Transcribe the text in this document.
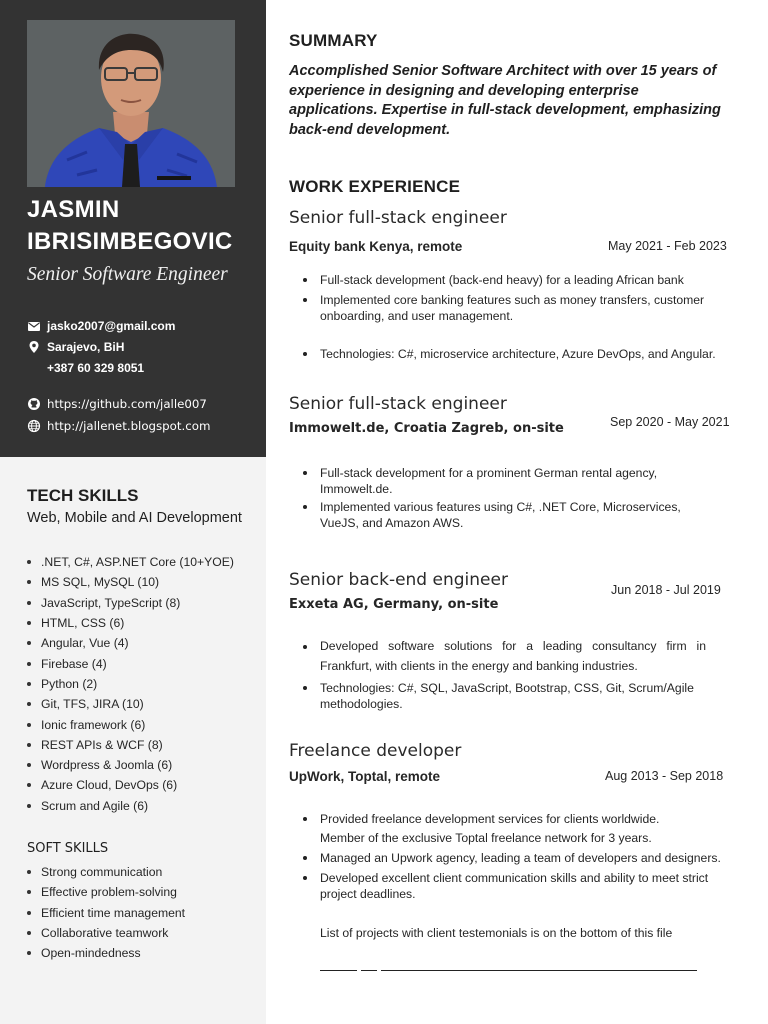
JASMIN
IBRISIMBEGOVIC
Senior Software Engineer
jasko2007@gmail.com
Sarajevo, BiH
+387 60 329 8051
https://github.com/jalle007
http://jallenet.blogspot.com
TECH SKILLS
Web, Mobile and AI Development
.NET, C#, ASP.NET Core (10+YOE)
MS SQL, MySQL (10)
JavaScript, TypeScript (8)
HTML, CSS (6)
Angular, Vue (4)
Firebase (4)
Python (2)
Git, TFS, JIRA (10)
Ionic framework (6)
REST APIs & WCF (8)
Wordpress & Joomla (6)
Azure Cloud, DevOps (6)
Scrum and Agile (6)
SOFT SKILLS
Strong communication
Effective problem-solving
Efficient time management
Collaborative teamwork
Open-mindedness
SUMMARY
Accomplished Senior Software Architect with over 15 years of experience in designing and developing enterprise applications. Expertise in full-stack development, emphasizing back-end development.
WORK EXPERIENCE
Senior full-stack engineer
Equity bank Kenya, remote	May 2021 - Feb 2023
Full-stack development (back-end heavy) for a leading African bank
Implemented core banking features such as money transfers, customer onboarding, and user management.
Technologies: C#, microservice architecture, Azure DevOps, and Angular.
Senior full-stack engineer
Immowelt.de, Croatia Zagreb, on-site	Sep 2020 - May 2021
Full-stack development for a prominent German rental agency, Immowelt.de.
Implemented various features using C#, .NET Core, Microservices, VueJS, and Amazon AWS.
Senior back-end engineer
Exxeta AG, Germany, on-site
Jun 2018 - Jul 2019
Developed software solutions for a leading consultancy firm in Frankfurt, with clients in the energy and banking industries.
Technologies: C#, SQL, JavaScript, Bootstrap, CSS, Git, Scrum/Agile methodologies.
Freelance developer
UpWork, Toptal, remote	Aug 2013 - Sep 2018
Provided freelance development services for clients worldwide.
Member of the exclusive Toptal freelance network for 3 years.
Managed an Upwork agency, leading a team of developers and designers.
Developed excellent client communication skills and ability to meet strict project deadlines.
List of projects with client testemonials is on the bottom of this file
